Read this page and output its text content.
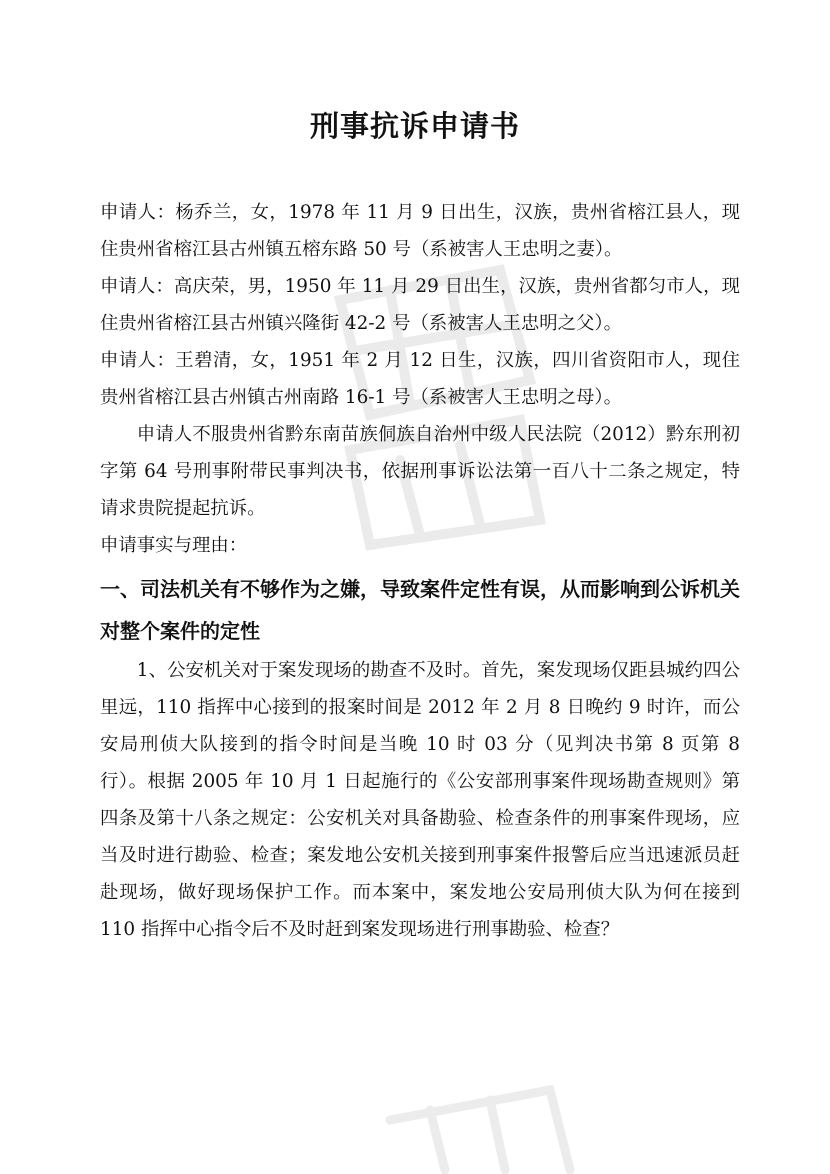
刑事抗诉申请书

申请人：杨乔兰，女，1978 年 11 月 9 日出生，汉族，贵州省榕江县人，现住贵州省榕江县古州镇五榕东路 50 号（系被害人王忠明之妻）。

申请人：高庆荣，男，1950 年 11 月 29 日出生，汉族，贵州省都匀市人，现住贵州省榕江县古州镇兴隆街 42-2 号（系被害人王忠明之父）。

申请人：王碧清，女，1951 年 2 月 12 日生，汉族，四川省资阳市人，现住贵州省榕江县古州镇古州南路 16-1 号（系被害人王忠明之母）。

申请人不服贵州省黔东南苗族侗族自治州中级人民法院（2012）黔东刑初字第 64 号刑事附带民事判决书，依据刑事诉讼法第一百八十二条之规定，特请求贵院提起抗诉。

申请事实与理由：

一、司法机关有不够作为之嫌，导致案件定性有误，从而影响到公诉机关对整个案件的定性

1、公安机关对于案发现场的勘查不及时。首先，案发现场仅距县城约四公里远，110 指挥中心接到的报案时间是 2012 年 2 月 8 日晚约 9 时许，而公安局刑侦大队接到的指令时间是当晚 10 时 03 分（见判决书第 8 页第 8 行）。根据 2005 年 10 月 1 日起施行的《公安部刑事案件现场勘查规则》第四条及第十八条之规定：公安机关对具备勘验、检查条件的刑事案件现场，应当及时进行勘验、检查；案发地公安机关接到刑事案件报警后应当迅速派员赶赴现场，做好现场保护工作。而本案中，案发地公安局刑侦大队为何在接到 110 指挥中心指令后不及时赶到案发现场进行刑事勘验、检查？
